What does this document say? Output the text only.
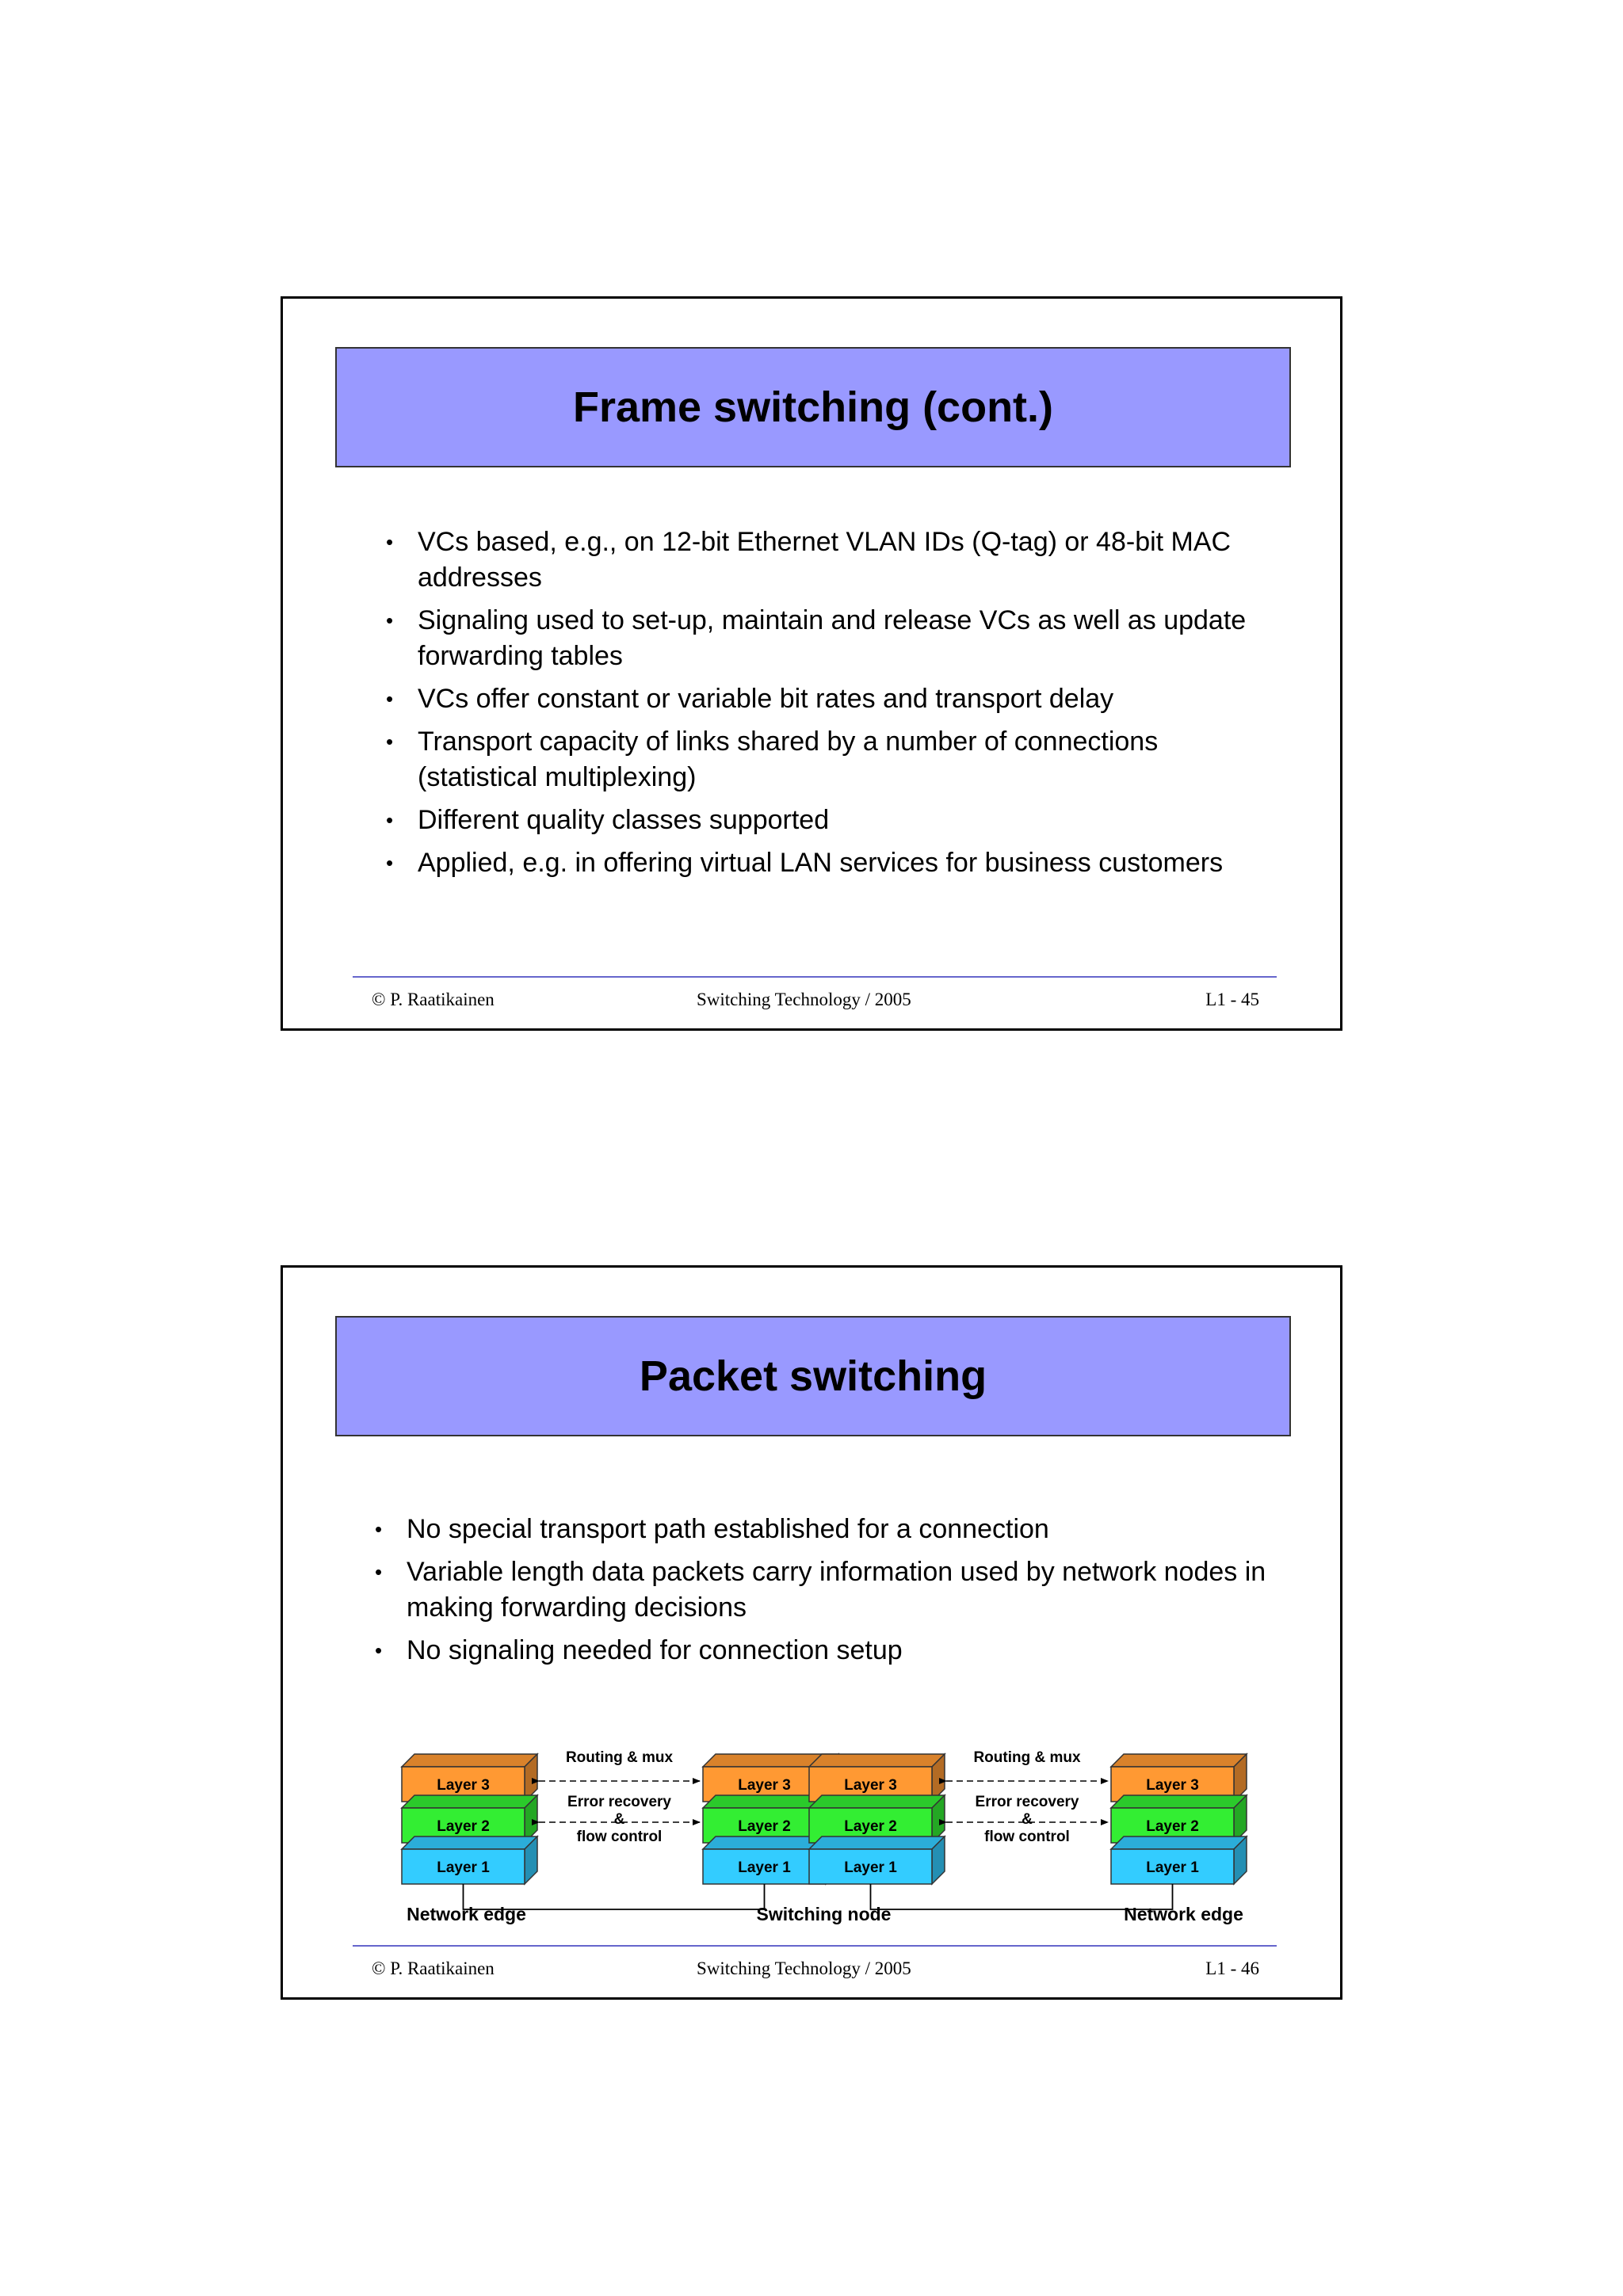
Frame switching (cont.)
• VCs based, e.g., on 12-bit Ethernet VLAN IDs (Q-tag) or 48-bit MAC addresses
• Signaling used to set-up, maintain and release VCs as well as update forwarding tables
• VCs offer constant or variable bit rates and transport delay
• Transport capacity of links shared by a number of connections (statistical multiplexing)
• Different quality classes supported
• Applied, e.g. in offering virtual LAN services for business customers
© P. Raatikainen	Switching Technology / 2005	L1 - 45
Packet switching
• No special transport path established for a connection
• Variable length data packets carry information used by network nodes in making forwarding decisions
• No signaling needed for connection setup
Layer 3
Layer 2
Layer 1
Layer 3
Layer 2
Layer 1
Layer 3
Layer 2
Layer 1
Layer 3
Layer 2
Layer 1
Routing & mux
Error recovery
&
flow control
Routing & mux
Error recovery
&
flow control
Network edge	Switching node	Network edge
© P. Raatikainen	Switching Technology / 2005	L1 - 46
